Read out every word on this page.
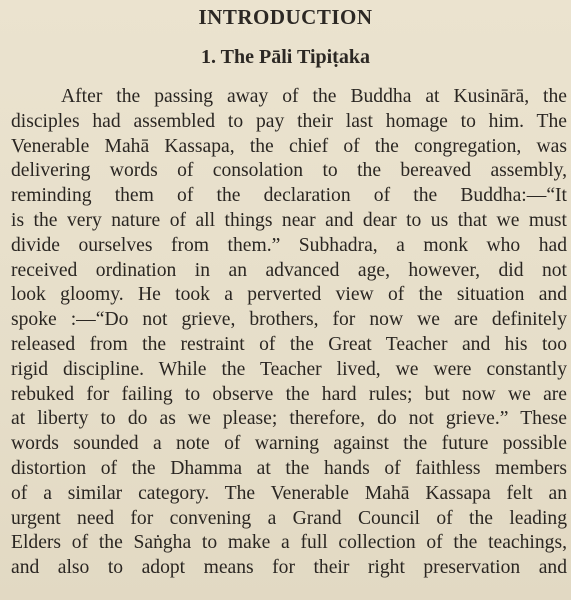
INTRODUCTION
1. The Pāli Tipiṭaka
After the passing away of the Buddha at Kusinārā, the
disciples had assembled to pay their last homage to him. The
Venerable Mahā Kassapa, the chief of the congregation, was
delivering words of consolation to the bereaved assembly,
reminding them of the declaration of the Buddha:—“It
is the very nature of all things near and dear to us that we must
divide ourselves from them.” Subhadra, a monk who had
received ordination in an advanced age, however, did not
look gloomy. He took a perverted view of the situation and
spoke :—“Do not grieve, brothers, for now we are definitely
released from the restraint of the Great Teacher and his too
rigid discipline. While the Teacher lived, we were constantly
rebuked for failing to observe the hard rules; but now we are
at liberty to do as we please; therefore, do not grieve.” These
words sounded a note of warning against the future possible
distortion of the Dhamma at the hands of faithless members
of a similar category. The Venerable Mahā Kassapa felt an
urgent need for convening a Grand Council of the leading
Elders of the Saṅgha to make a full collection of the teachings,
and also to adopt means for their right preservation and
